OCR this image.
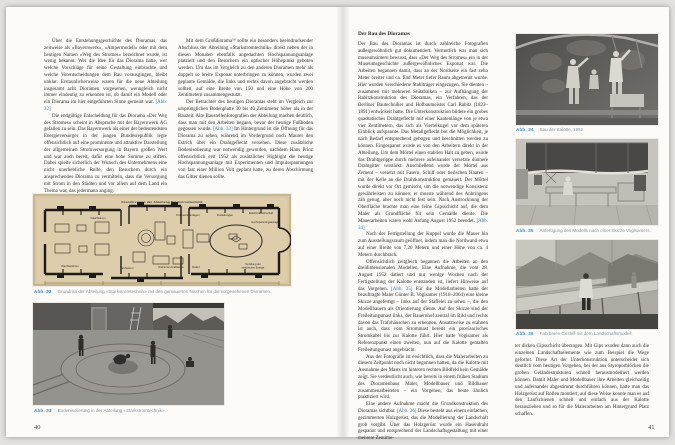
Über die Entstehungsgeschichte des Dioramas, das zeitweise als «Bayernwerk», «Ampermodell» oder mit dem heutigen Namen «Weg des Stromes» bezeichnet wurde, ist wenig bekannt. Wer die Idee für das Diorama hatte, wer welche Vorschläge für seine Gestaltung einbrachte und welche Vorentscheidungen dem Bau vorausgingen, bleibt unklar. Erstaunlicherweise waren für die neue Abteilung insgesamt acht Dioramen vorgesehen, wenngleich nicht immer eindeutig zu erkennen ist, ob damit ein Modell oder ein Diorama im hier eingeführten Sinne gemeint war. [Abb. 32]

Die endgültige Entscheidung für das Diorama «Der Weg des Stromes» scheint in Absprache mit der Bayernwerk AG gefallen zu sein. Das Bayernwerk als einer der bedeutendsten Energieversorger in der jungen Bundesrepublik legte offensichtlich auf eine prominente und attraktive Darstellung der allgemeinen Stromversorgung in Bayern großen Wert und war auch bereit, dafür eine hohe Summe zu stiften. Dabei spielte sicherlich der Wunsch des Unternehmens eine nicht unerhebliche Rolle, den Besuchern durch ein ansprechendes Diorama zu vermitteln, dass die Versorgung mit Strom in den Städten und vor allem auf dem Land ein Thema war, das jedermann anging.

Mit dem Großdiorama⁵⁶ sollte ein besonders beeindruckender Abschluss der Abteilung «Starkstromtechnik» direkt neben der in diesen Monaten ebenfalls angedachten Hochspannungsanlage platziert und den Besuchern ein optischer Höhepunkt geboten werden. Um das im Vergleich zu den anderen Dioramen mehr als doppelt so breite Exponat unterbringen zu können, wurden zwei geplante Gemälde, die links und rechts davon angebracht werden sollten, auf eine Breite von 150 und eine Höhe von 200 Zentimetern zusammengestutzt.

Der Betrachter des heutigen Dioramas steht im Vergleich zur ursprünglichen Bodenplatte 30 bis 40 Zentimeter höher als in der Bauzeit. Alte Baustellenfotografien der Abteilung machen deutlich, dass man mit den Arbeiten begann, bevor der heutige Fußboden gegossen wurde. [Abb. 33] Im Hintergrund ist die Öffnung für das Diorama zu sehen, während im Vordergrund noch Maurer den Estrich über ein Drahtgeflecht versehen. Diese zusätzliche Bodenisolierung war notwendig geworden, nachdem Hans Prinz offensichtlich erst 1952 als zusätzliches Highlight die heutige Hochspannungsanlage mit Experimenten und Impulsspannungen von fast einer Million Volt geplant hatte, zu deren Abschirmung das Gitter dienen sollte.

Grundrissplan der Abteilung Starkstromtechnik
Gleichstrom
Kraftwerksanlagen	Freileitungen	Elektrizitätswirtschaft
Hochspannungsanlage
Wechselstrom	Drehstrom	Drehstrom-Kraftwerke	Relief
Verteilung der
elektrischen Energie
Abb. 32 Grundriss der Abteilung «Starkstromtechnik» mit den gemauerten Nischen für die vorgesehenen Dioramen.
Abb. 33 Bodenisolierung in der Abteilung «Starkstromtechnik».
40
Der Bau des Dioramas

Der Bau des Dioramas ist durch zahlreiche Fotografien außergewöhnlich gut dokumentiert. Vermutlich war man sich museumsintern bewusst, dass «Der Weg des Stromes» ein in der Museumsgeschichte außergewöhnliches Exponat war. Die Arbeiten begannen damit, dass an der Nordseite ein fast zehn Meter breiter und ca. fünf Meter tiefer Raum abgetrennt wurde. Hier wurden verschiedene Stahlträger eingezogen. Sie dienten – zusammen mit mehreren Stützbalken – zur Aufhängung der Rabitzkonstruktion des Dioramas, ein Verfahren, das der Berliner Bautechniker und Hofbaumeister Carl Rabitz (1823–1891) entwickelt hatte. Die Unterkonstruktion bildete ein grobes quadratisches Drahtgeflecht mit einer Kantenlänge von je etwa vier Zentimetern, das sich als Viertelkugel vor dem späteren Einblick aufspannte. Das Metallgeflecht bot die Möglichkeit, je nach Bedarf entsprechend gebogen und beschnitten werden zu können. Eingespannt wurde es von den Arbeitern direkt in der Abteilung. Um dem Mörtel einen stabilen Halt zu geben, wurde das Drahtgerippe durch mehrere aufeinander versetzte dünnere Drahtgitter verstärkt. Anschließend wurde der Mörtel aus Zement – versetzt mit Fasern, Schilf oder tierischen Haaren – mit der Kelle an die Drahtkonstruktion gemauert. Der Mörtel wurde direkt vor Ort gemischt, um die notwendige Konsistenz gewährleisten zu können; er musste während des Anbringens zäh genug, aber noch nicht fest sein. Nach Austrocknung der Oberfläche brachte man eine feine Gipsschicht auf, die dem Maler als Grundfläche für sein Gemälde diente. Die Mauerarbeiten waren wohl Anfang August 1952 beendet. [Abb. 34]

Nach der Fertigstellung der Kuppel wurde die Mauer hin zum Ausstellungsraum geöffnet, indem man die Nordwand etwa auf einer Breite von 7,20 Metern und einer Höhe von ca. 4 Metern durchbrach.

Offensichtlich zeitgleich begannen die Arbeiten an den dreidimensionalen Modellen. Eine Aufnahme, die vom 28. August 1952 datiert und nur wenige Wochen nach der Fertigstellung der Kalotte entstanden ist, liefert Hinweise auf das Vorgehen. [Abb. 35] Für die Modellarbeiten hatte der beauftragte Maler Günter B. Voglsamer (1918–2004) eine kleine Skizze angefertigt – links auf der Staffelei zu sehen –, die den Modellbauern als Orientierung diente. Auf der Skizze sind der Freileitungsmast links, der Bauernhof zentral im Bild und rechts davon das Trafohäuschen zu erkennen. Ansatzweise zu erahnen ist auch, dass vom Strommast bereits ein provisorisches Stromkabel bis zur Kalotte führt. Hier hatte Voglsamer als Referenzpunkt einen zweiten, nun auf die Kalotte gemalten Freileitungsmast angebracht.

Aus der Fotografie ist ersichtlich, dass die Malerarbeiten zu diesem Zeitpunkt noch nicht begonnen hatten, da die Kalotte mit Ausnahme des Masts im hinteren rechten Bildfeld kein Gemälde zeigt. Sie verdeutlicht auch, wie bereits in einem frühen Stadium des Dioramenbaus Maler, Modellbauer und Bildhauer zusammenarbeiteten – ein Vorgehen, das heute ähnlich praktiziert wird.

Eine andere Aufnahme macht die Grundkonstruktion des Dioramas sichtbar. [Abb. 36] Diese besteht aus einem einfachen, gezimmerten Holzgerüst, das die Modellierung der Landschaft grob vorgibt. Über das Holzgerüst wurde ein Hasendraht gespannt und entsprechend der Landschaftsgestaltung mit einer mehrere Zentime-

Abb. 34 Bau der Kalotte, 1952.
Abb. 35 Anfertigung des Modells nach einer Skizze Voglsamers.
Abb. 36 Fahrbares Gestell mit dem Landschaftsmodell.

ter dicken Gipsschicht überzogen. Mit Gips wurden dann auch die einzelnen Landschaftselemente wie zum Beispiel die Wege geformt. Diese Art der Unterkonstruktion unterscheidet sich deutlich vom heutigen Vorgehen, bei der aus Styroporblöcken die groben Geländestrukturen schnell herausmodelliert werden können. Damit Maler und Modellbauer ihre Arbeiten gleichzeitig und aufeinander abgestimmt durchführen können, hatte man das Holzgerüst auf Rollen montiert; auf diese Weise konnte man es auf den Laufschienen schnell und einfach aus der Kalotte herausziehen und so für die Malerarbeiten am Hintergrund Platz schaffen.

41
